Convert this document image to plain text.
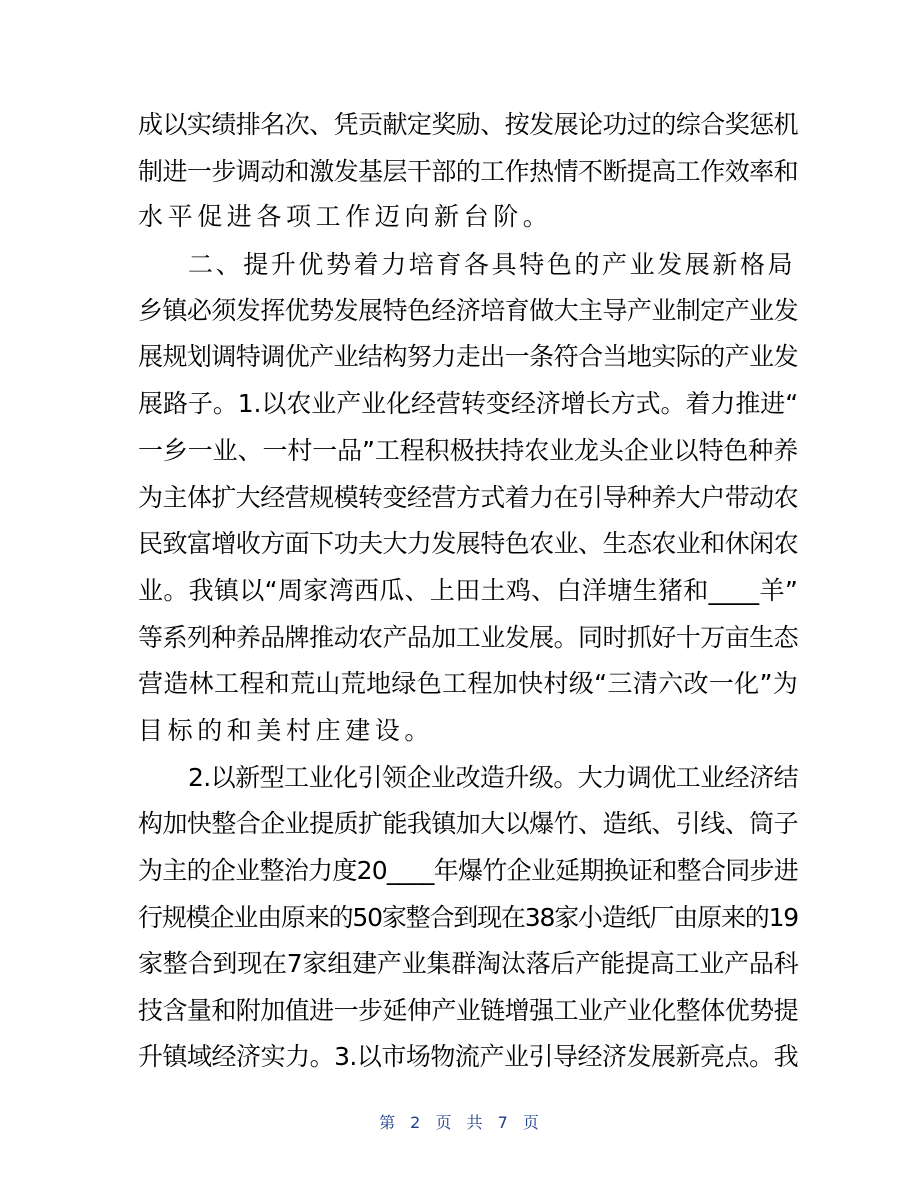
成以实绩排名次、凭贡献定奖励、按发展论功过的综合奖惩机
制进一步调动和激发基层干部的工作热情不断提高工作效率和
水平促进各项工作迈向新台阶。
二、提升优势着力培育各具特色的产业发展新格局
乡镇必须发挥优势发展特色经济培育做大主导产业制定产业发
展规划调特调优产业结构努力走出一条符合当地实际的产业发
展路子。1.以农业产业化经营转变经济增长方式。着力推进“
一乡一业、一村一品”工程积极扶持农业龙头企业以特色种养
为主体扩大经营规模转变经营方式着力在引导种养大户带动农
民致富增收方面下功夫大力发展特色农业、生态农业和休闲农
业。我镇以“周家湾西瓜、上田土鸡、白洋塘生猪和____羊”
等系列种养品牌推动农产品加工业发展。同时抓好十万亩生态
营造林工程和荒山荒地绿色工程加快村级“三清六改一化”为
目标的和美村庄建设。
2.以新型工业化引领企业改造升级。大力调优工业经济结
构加快整合企业提质扩能我镇加大以爆竹、造纸、引线、筒子
为主的企业整治力度20____年爆竹企业延期换证和整合同步进
行规模企业由原来的50家整合到现在38家小造纸厂由原来的19
家整合到现在7家组建产业集群淘汰落后产能提高工业产品科
技含量和附加值进一步延伸产业链增强工业产业化整体优势提
升镇域经济实力。3.以市场物流产业引导经济发展新亮点。我
第 2 页 共 7 页
